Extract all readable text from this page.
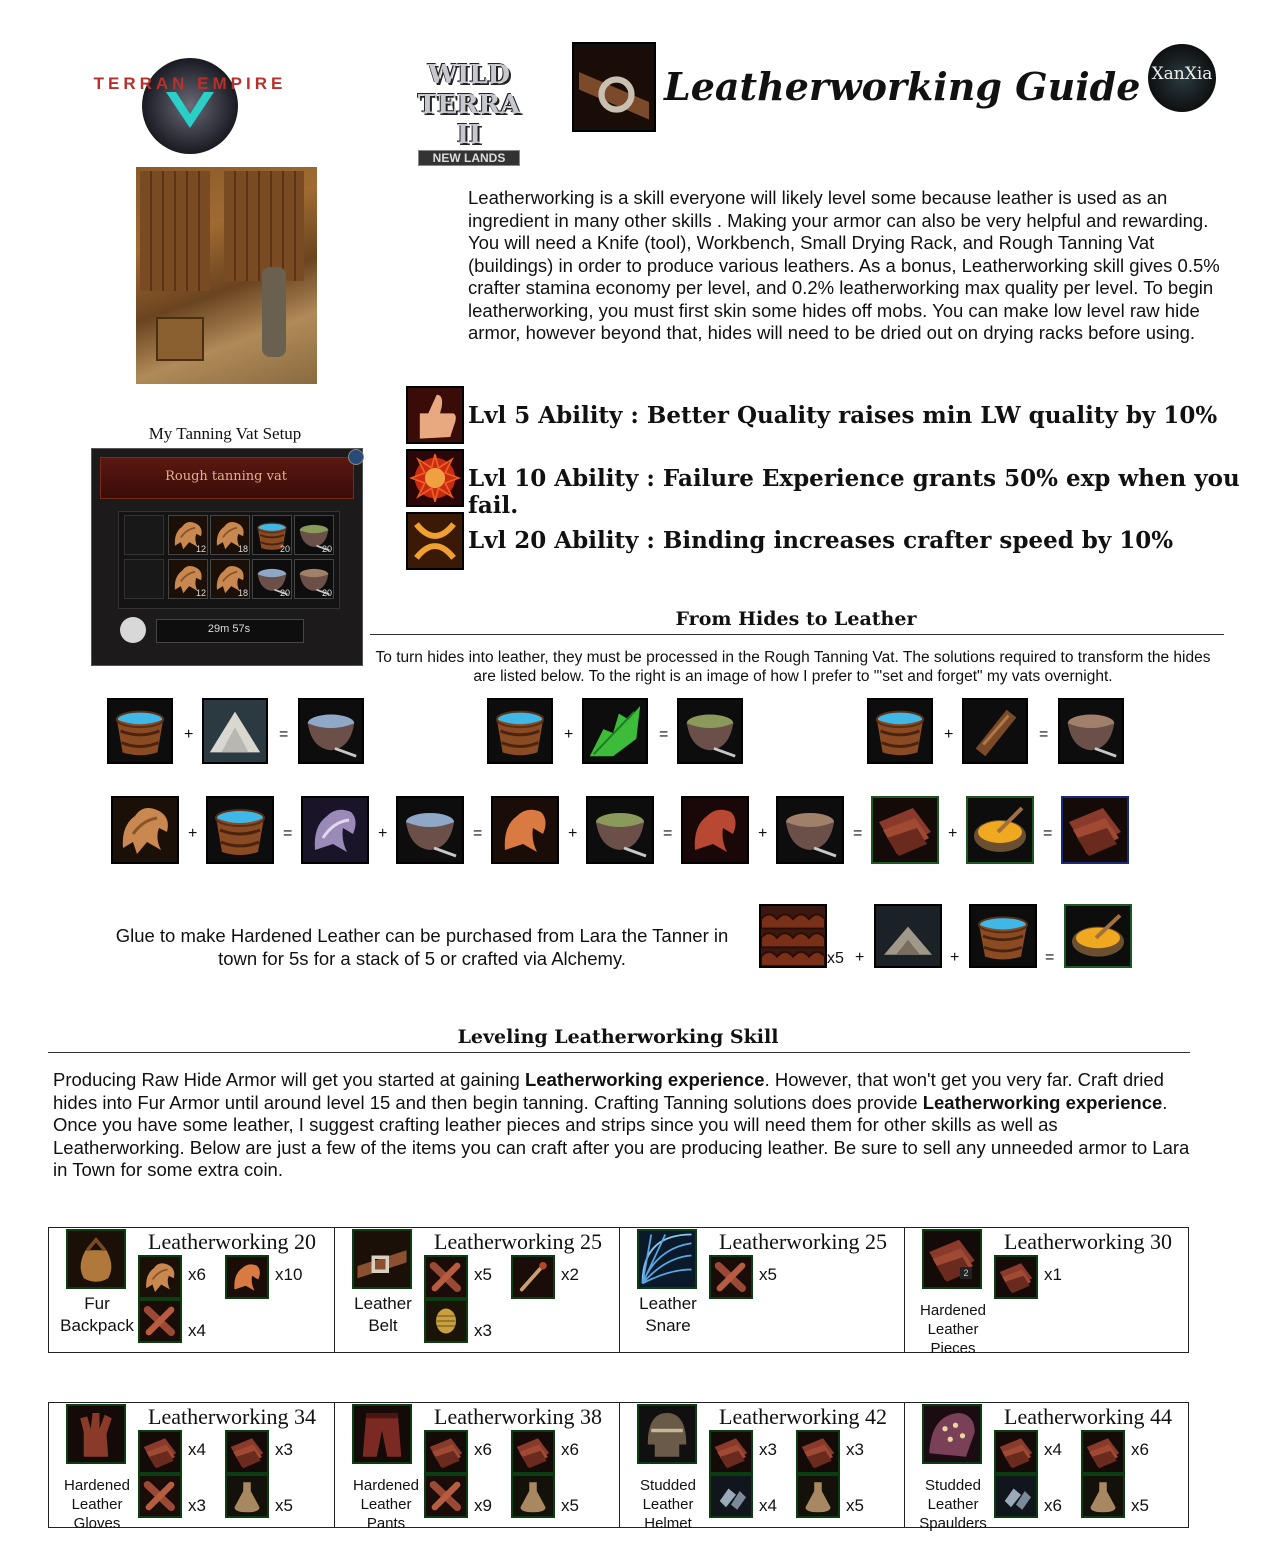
TERRAN EMPIRE	WILD TERRA II
NEW LANDS
Leatherworking Guide XanXia
Leatherworking is a skill everyone will likely level some because leather is used as an ingredient in many other skills . Making your armor can also be very helpful and rewarding. You will need a Knife (tool), Workbench, Small Drying Rack, and Rough Tanning Vat (buildings) in order to produce various leathers. As a bonus, Leatherworking skill gives 0.5% crafter stamina economy per level, and 0.2% leatherworking max quality per level. To begin leatherworking, you must first skin some hides off mobs. You can make low level raw hide armor, however beyond that, hides will need to be dried out on drying racks before using.
My Tanning Vat Setup
Rough tanning vat
29m 57s
12	18	20	20
12	18	20	20
Lvl 5 Ability : Better Quality raises min LW quality by 10%
Lvl 10 Ability : Failure Experience grants 50% exp when you fail.
Lvl 20 Ability : Binding increases crafter speed by 10%
From Hides to Leather
To turn hides into leather, they must be processed in the Rough Tanning Vat. The solutions required to transform the hides are listed below. To the right is an image of how I prefer to "'set and forget" my vats overnight.
+	=	+	=	+	=
+	=	+	=	+	=	+	=	+	=
x5 +	+	=
Glue to make Hardened Leather can be purchased from Lara the Tanner in town for 5s for a stack of 5 or crafted via Alchemy.
Leveling Leatherworking Skill
Producing Raw Hide Armor will get you started at gaining Leatherworking experience. However, that won't get you very far. Craft dried hides into Fur Armor until around level 15 and then begin tanning. Crafting Tanning solutions does provide Leatherworking experience. Once you have some leather, I suggest crafting leather pieces and strips since you will need them for other skills as well as Leatherworking. Below are just a few of the items you can craft after you are producing leather. Be sure to sell any unneeded armor to Lara in Town for some extra coin.
Leatherworking 20
Fur Backpack
x6	x10
x4
Leatherworking 25
Leather Belt
x5	x2
x3
Leatherworking 25
Leather Snare
x5
Leatherworking 30
2
Hardened Leather Pieces
x1
Leatherworking 34
Hardened Leather Gloves
x4	x3
x3	x5
Leatherworking 38
Hardened Leather Pants
x6	x6
x9	x5
Leatherworking 42
Studded Leather Helmet
x3	x3
x4	x5
Leatherworking 44
Studded Leather Spaulders
x4	x6
x6	x5
